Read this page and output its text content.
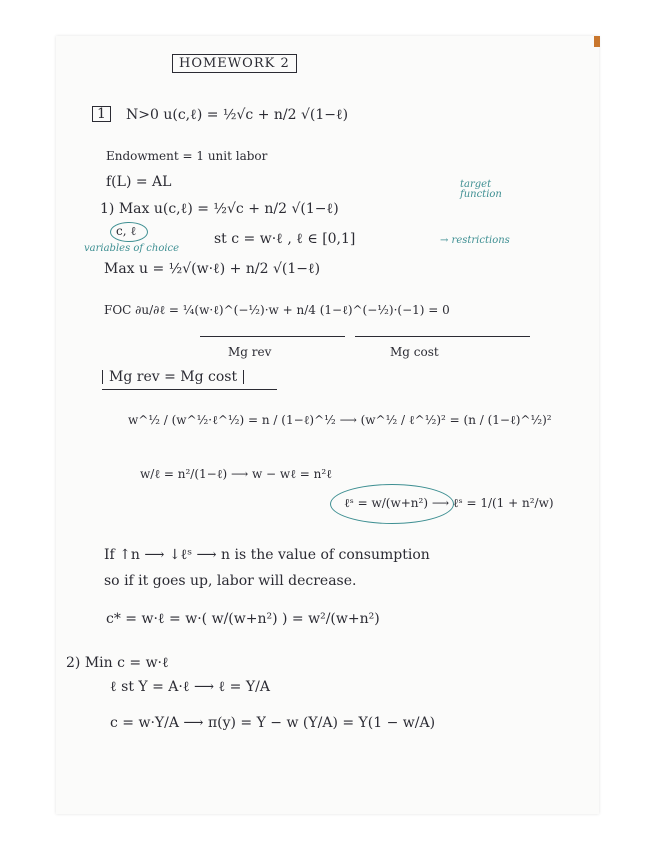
HOMEWORK 2
1	N>0 u(c,ℓ) = ½√c + n/2 √(1−ℓ)
Endowment = 1 unit labor
f(L) = AL
1) Max u(c,ℓ) = ½√c + n/2 √(1−ℓ)
target function
c, ℓ
variables of choice
st c = w·ℓ , ℓ ∈ [0,1]	→ restrictions
Max u = ½√(w·ℓ) + n/2 √(1−ℓ)
FOC ∂u/∂ℓ = ¼(w·ℓ)^(−½)·w + n/4 (1−ℓ)^(−½)·(−1) = 0
Mg rev	Mg cost
Mg rev = Mg cost
w^½ / (w^½·ℓ^½) = n / (1−ℓ)^½ ⟶ (w^½ / ℓ^½)² = (n / (1−ℓ)^½)²
w/ℓ = n²/(1−ℓ) ⟶ w − wℓ = n²ℓ
ℓˢ = w/(w+n²) ⟶ ℓˢ = 1/(1 + n²/w)
If ↑n ⟶ ↓ℓˢ ⟶ n is the value of consumption
so if it goes up, labor will decrease.
c* = w·ℓ = w·( w/(w+n²) ) = w²/(w+n²)
2) Min c = w·ℓ
ℓ st Y = A·ℓ ⟶ ℓ = Y/A
c = w·Y/A ⟶ π(y) = Y − w (Y/A) = Y(1 − w/A)
